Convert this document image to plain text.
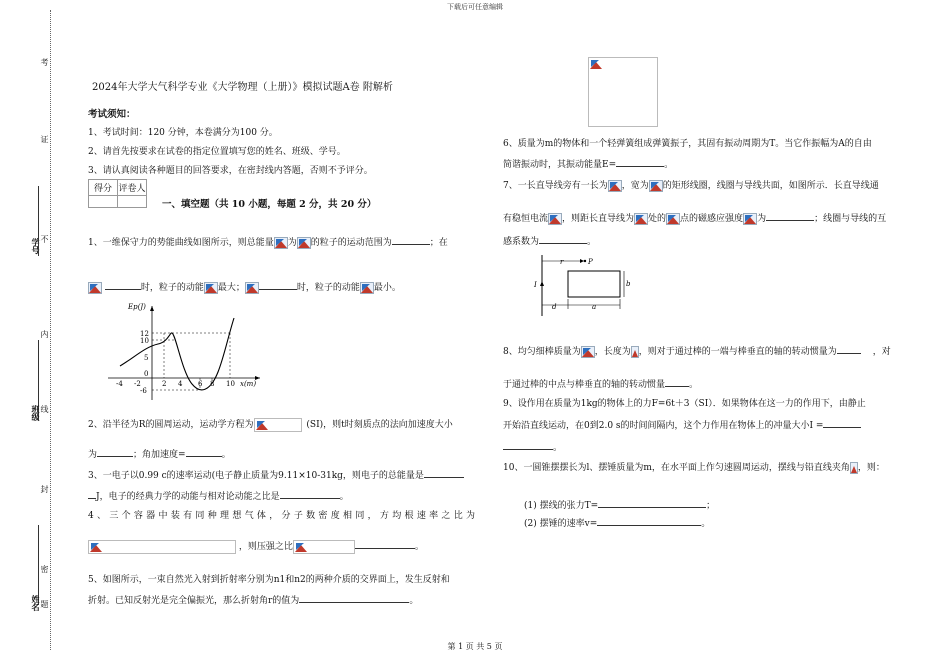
下载后可任意编辑
考
证
学号 不
内
班级 线
封
密
姓名 题
2024年大学大气科学专业《大学物理（上册）》模拟试题A卷 附解析
考试须知：
1、考试时间：120 分钟，本卷满分为100 分。
2、请首先按要求在试卷的指定位置填写您的姓名、班级、学号。
3、请认真阅读各种题目的回答要求，在密封线内答题，否则不予评分。
得分	评卷人

一、填空题（共 10 小题，每题 2 分，共 20 分）
1、一维保守力的势能曲线如图所示，则总能量 为 的粒子的运动范围为	；在
时，粒子的动能 最大；	时，粒子的动能 最小。
Ep(J)
x(m)
12
10
5
0
-6
-4 -2	2 4 6 8 10
2、沿半径为R的圆周运动，运动学方程为	(SI)，则t时刻质点的法向加速度大小
为	；角加速度=	。
3、一电子以0.99 c的速率运动(电子静止质量为9.11×10-31kg，则电子的总能量是
J，电子的经典力学的动能与相对论动能之比是	。
4、三个容器中装有同种理想气体，分子数密度相同，方均根速率之比为
，则压强之比	。
5、如图所示，一束自然光入射到折射率分别为n1和n2的两种介质的交界面上，发生反射和
折射。已知反射光是完全偏振光，那么折射角r的值为	。
6、质量为m的物体和一个轻弹簧组成弹簧振子，其固有振动周期为T。当它作振幅为A的自由
简谐振动时，其振动能量E=	。
7、一长直导线旁有一长为 ，宽为 的矩形线圈，线圈与导线共面，如图所示．长直导线通
有稳恒电流 ，则距长直导线为 处的 点的磁感应强度 为	；线圈与导线的互
感系数为	。
r	P
I	b
d	a
8、均匀细棒质量为 ，长度为 ，则对于通过棒的一端与棒垂直的轴的转动惯量为	，对
于通过棒的中点与棒垂直的轴的转动惯量	。
9、设作用在质量为1kg的物体上的力F=6t＋3（SI）．如果物体在这一力的作用下，由静止
开始沿直线运动，在0到2.0 s的时间间隔内，这个力作用在物体上的冲量大小I =
。
10、一圆锥摆摆长为l、摆锤质量为m，在水平面上作匀速圆周运动，摆线与铅直线夹角 ，则：
(1) 摆线的张力T=	；
(2) 摆锤的速率v=	。
第 1 页 共 5 页
